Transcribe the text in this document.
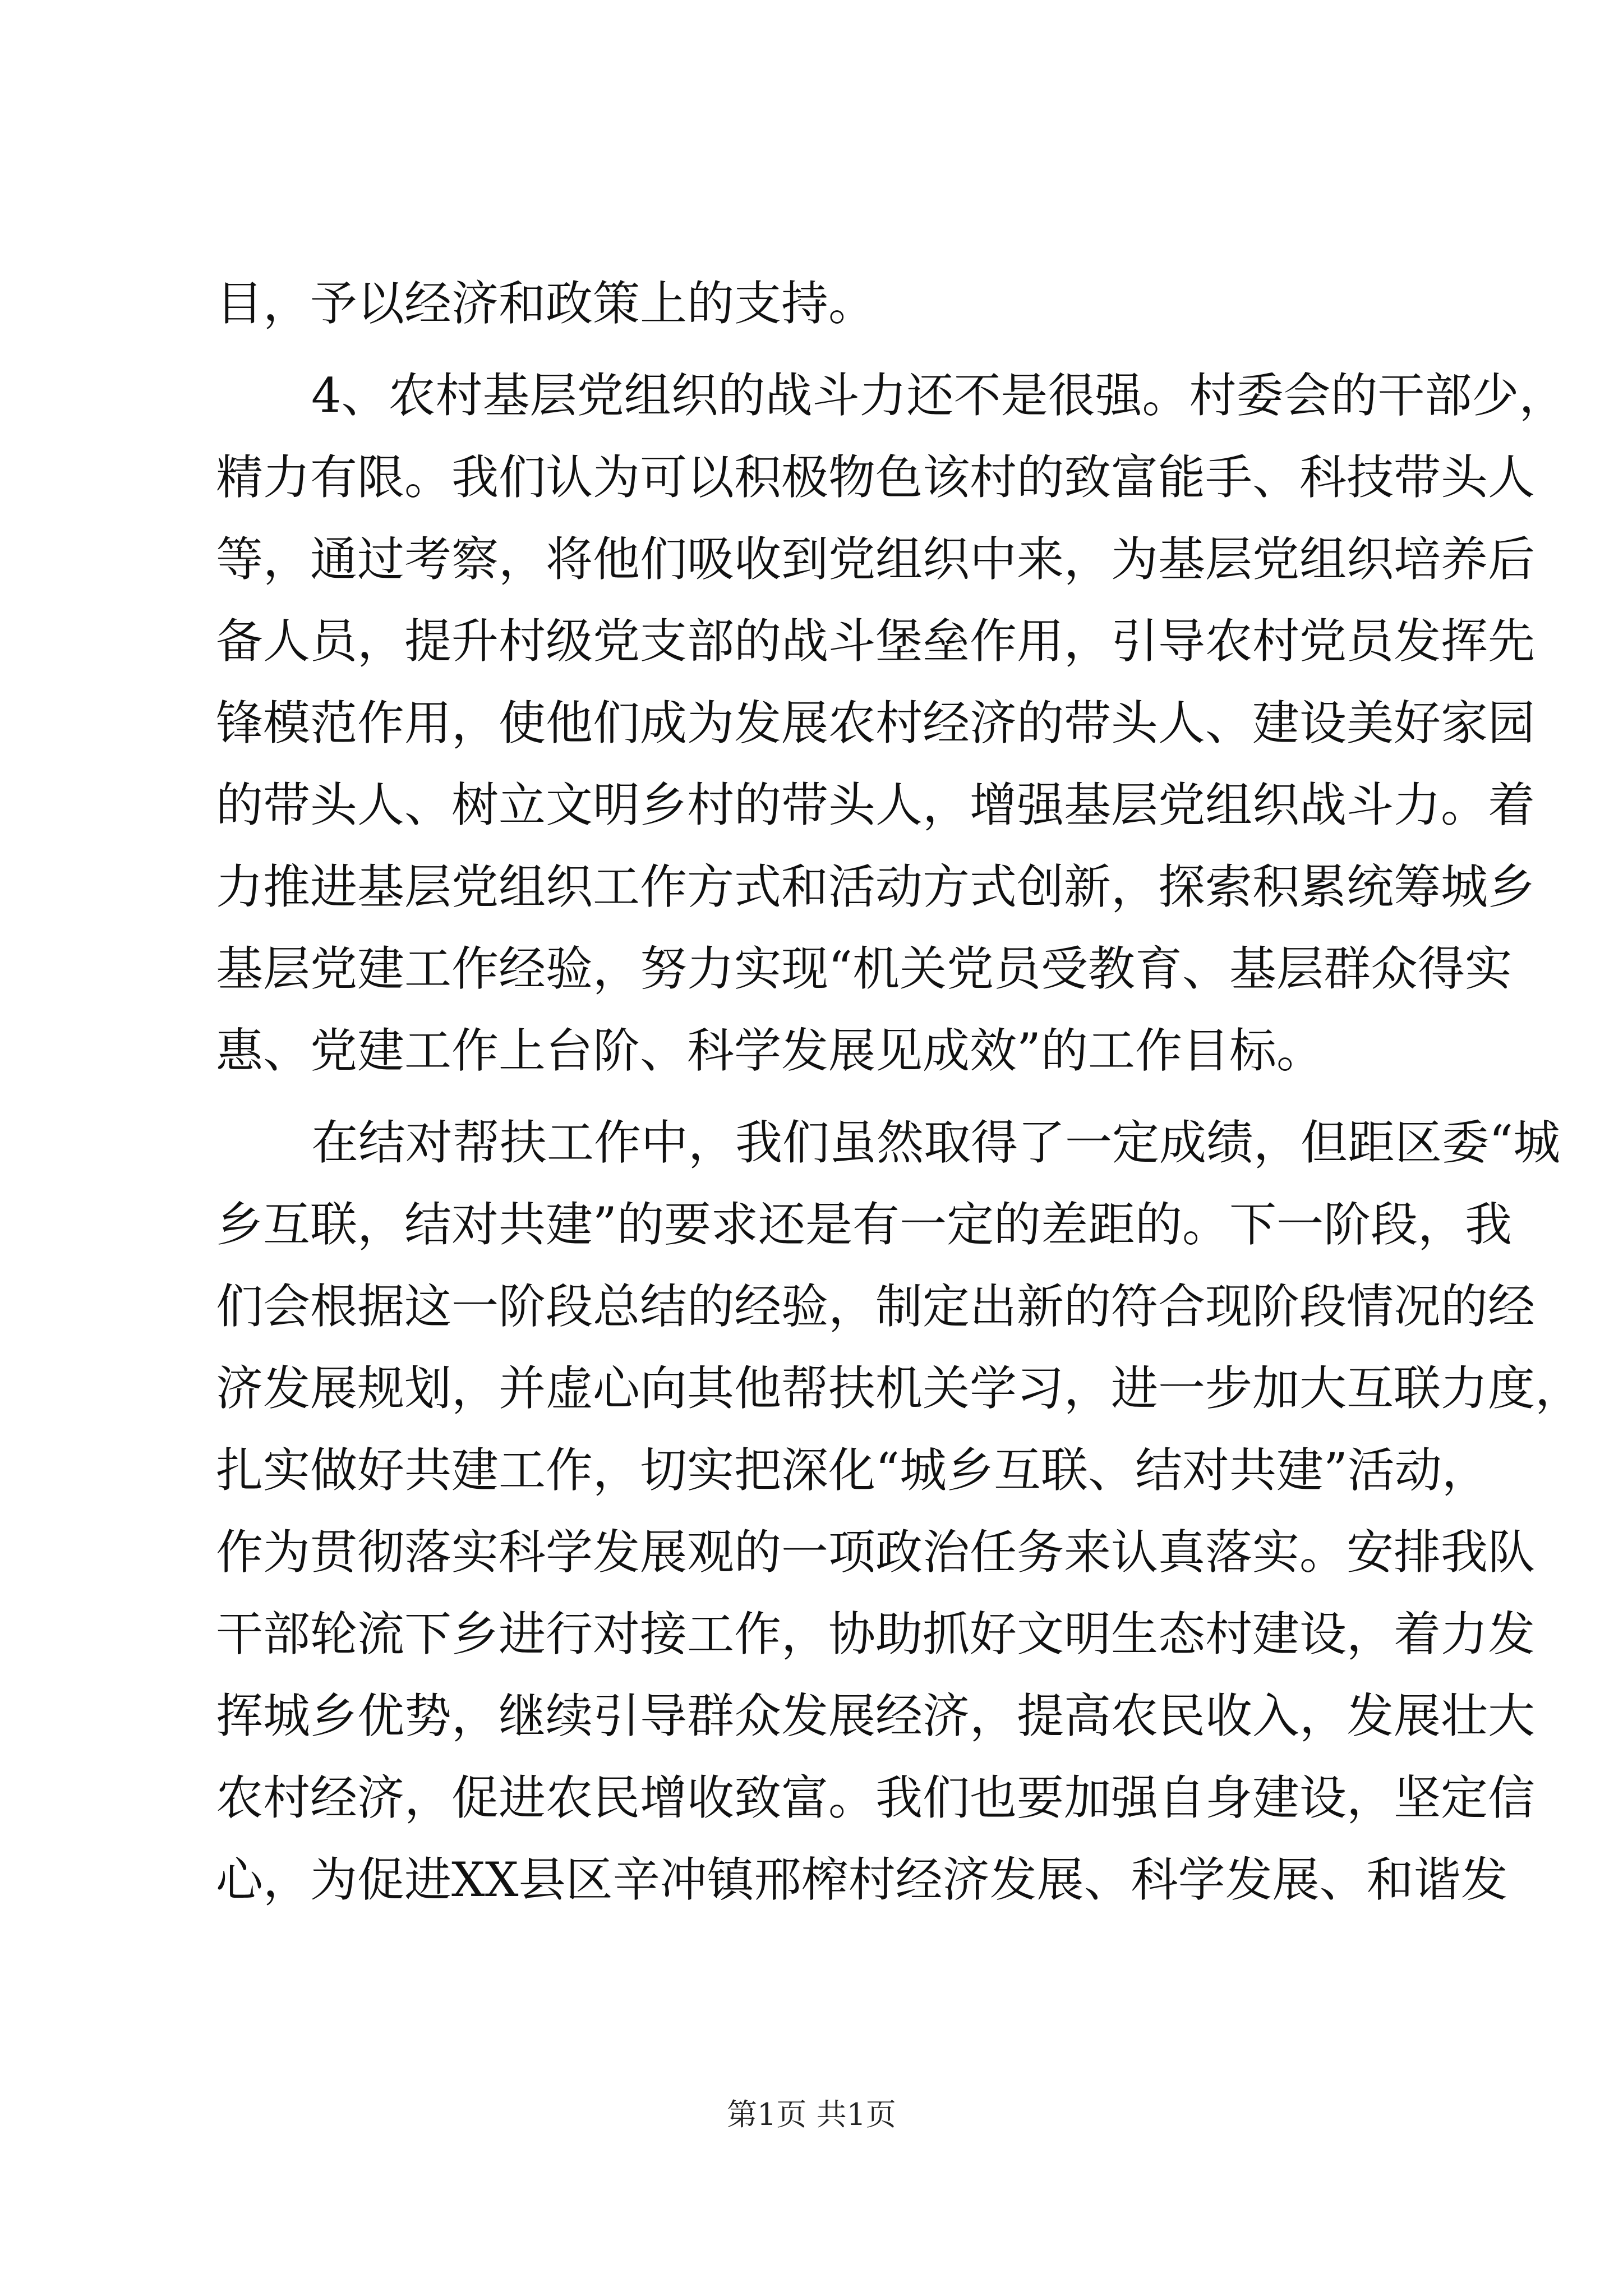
目，予以经济和政策上的支持。
4、农村基层党组织的战斗力还不是很强。村委会的干部少，
精力有限。我们认为可以积极物色该村的致富能手、科技带头人
等，通过考察，将他们吸收到党组织中来，为基层党组织培养后
备人员，提升村级党支部的战斗堡垒作用，引导农村党员发挥先
锋模范作用，使他们成为发展农村经济的带头人、建设美好家园
的带头人、树立文明乡村的带头人，增强基层党组织战斗力。着
力推进基层党组织工作方式和活动方式创新，探索积累统筹城乡
基层党建工作经验，努力实现“机关党员受教育、基层群众得实
惠、党建工作上台阶、科学发展见成效”的工作目标。
在结对帮扶工作中，我们虽然取得了一定成绩，但距区委“城
乡互联，结对共建”的要求还是有一定的差距的。下一阶段，我
们会根据这一阶段总结的经验，制定出新的符合现阶段情况的经
济发展规划，并虚心向其他帮扶机关学习，进一步加大互联力度，
扎实做好共建工作，切实把深化“城乡互联、结对共建”活动，
作为贯彻落实科学发展观的一项政治任务来认真落实。安排我队
干部轮流下乡进行对接工作，协助抓好文明生态村建设，着力发
挥城乡优势，继续引导群众发展经济，提高农民收入，发展壮大
农村经济，促进农民增收致富。我们也要加强自身建设，坚定信
心，为促进XX县区辛冲镇邢榨村经济发展、科学发展、和谐发
第1页 共1页
